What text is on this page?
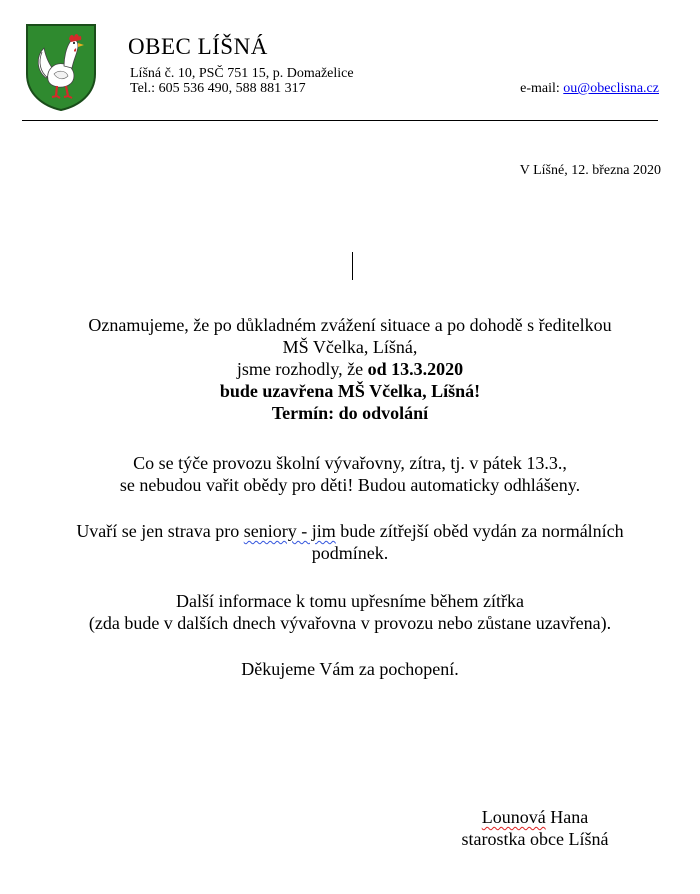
OBEC LÍŠNÁ
Líšná č. 10, PSČ 751 15, p. Domaželice
Tel.: 605 536 490, 588 881 317	e-mail: ou@obeclisna.cz
V Líšné, 12. března 2020
Oznamujeme, že po důkladném zvážení situace a po dohodě s ředitelkou
MŠ Včelka, Líšná,
jsme rozhodly, že od 13.3.2020
bude uzavřena MŠ Včelka, Líšná!
Termín: do odvolání
Co se týče provozu školní vývařovny, zítra, tj. v pátek 13.3.,
se nebudou vařit obědy pro děti! Budou automaticky odhlášeny.
Uvaří se jen strava pro seniory - jim bude zítřejší oběd vydán za normálních
podmínek.
Další informace k tomu upřesníme během zítřka
(zda bude v dalších dnech vývařovna v provozu nebo zůstane uzavřena).
Děkujeme Vám za pochopení.
Lounová Hana
starostka obce Líšná
